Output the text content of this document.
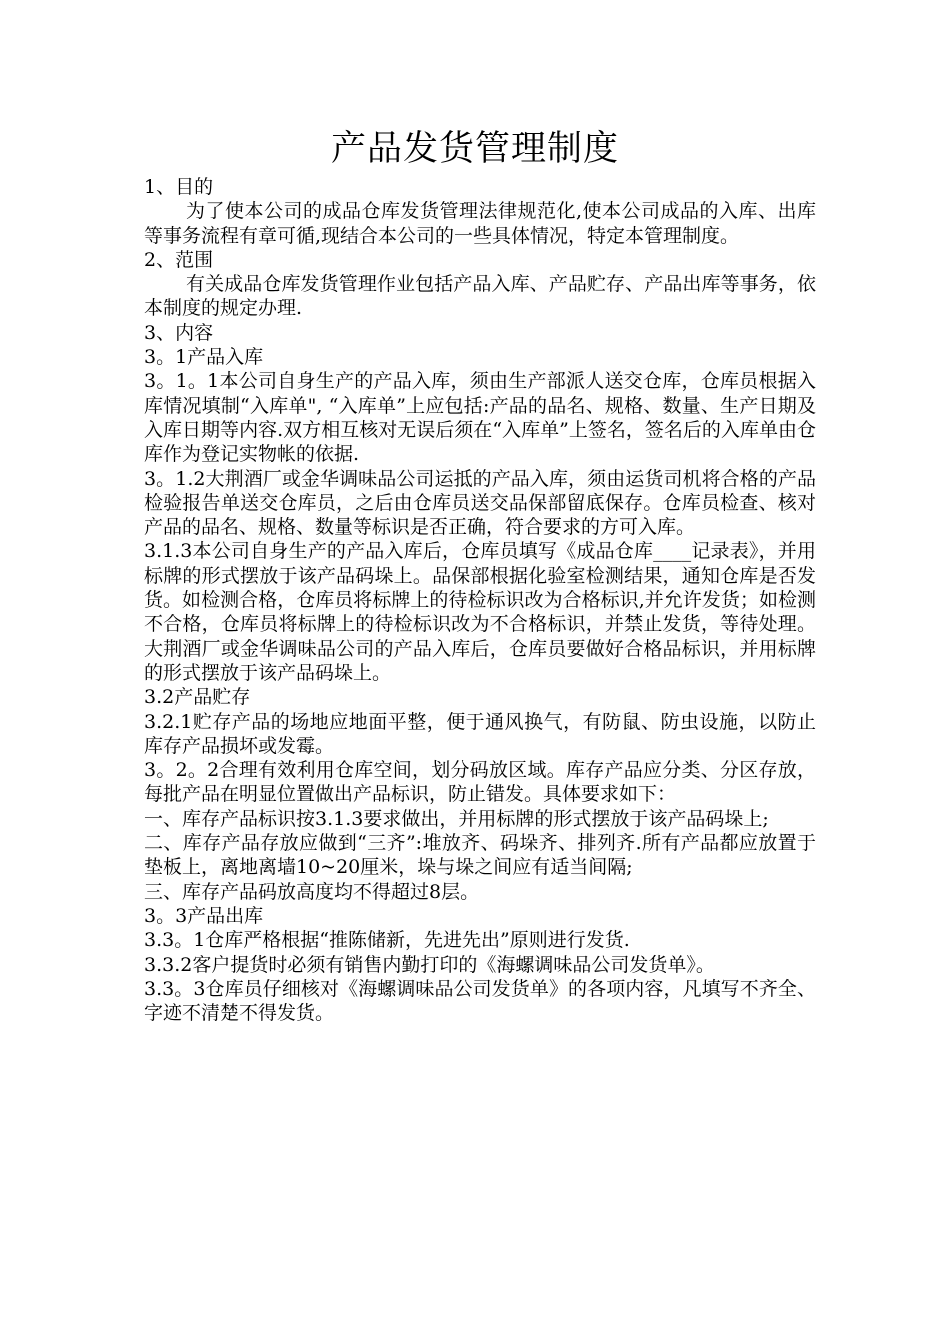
产品发货管理制度

1、目的

为了使本公司的成品仓库发货管理法律规范化,使本公司成品的入库、出库等事务流程有章可循,现结合本公司的一些具体情况，特定本管理制度。

2、范围

有关成品仓库发货管理作业包括产品入库、产品贮存、产品出库等事务，依本制度的规定办理.

3、内容

3。1产品入库

3。1。1本公司自身生产的产品入库，须由生产部派人送交仓库，仓库员根据入库情况填制“入库单", “入库单”上应包括:产品的品名、规格、数量、生产日期及入库日期等内容.双方相互核对无误后须在“入库单”上签名，签名后的入库单由仓库作为登记实物帐的依据.

3。1.2大荆酒厂或金华调味品公司运抵的产品入库，须由运货司机将合格的产品检验报告单送交仓库员，之后由仓库员送交品保部留底保存。仓库员检查、核对产品的品名、规格、数量等标识是否正确，符合要求的方可入库。

3.1.3本公司自身生产的产品入库后，仓库员填写《成品仓库____记录表》，并用标牌的形式摆放于该产品码垛上。品保部根据化验室检测结果，通知仓库是否发货。如检测合格，仓库员将标牌上的待检标识改为合格标识,并允许发货；如检测不合格，仓库员将标牌上的待检标识改为不合格标识，并禁止发货，等待处理。大荆酒厂或金华调味品公司的产品入库后，仓库员要做好合格品标识，并用标牌的形式摆放于该产品码垛上。

3.2产品贮存

3.2.1贮存产品的场地应地面平整，便于通风换气，有防鼠、防虫设施，以防止库存产品损坏或发霉。

3。2。2合理有效利用仓库空间，划分码放区域。库存产品应分类、分区存放，每批产品在明显位置做出产品标识，防止错发。具体要求如下：

一、库存产品标识按3.1.3要求做出，并用标牌的形式摆放于该产品码垛上;

二、库存产品存放应做到“三齐”:堆放齐、码垛齐、排列齐.所有产品都应放置于垫板上，离地离墙10~20厘米，垛与垛之间应有适当间隔;

三、库存产品码放高度均不得超过8层。

3。3产品出库

3.3。1仓库严格根据“推陈储新，先进先出”原则进行发货.

3.3.2客户提货时必须有销售内勤打印的《海螺调味品公司发货单》。

3.3。3仓库员仔细核对《海螺调味品公司发货单》的各项内容，凡填写不齐全、字迹不清楚不得发货。
